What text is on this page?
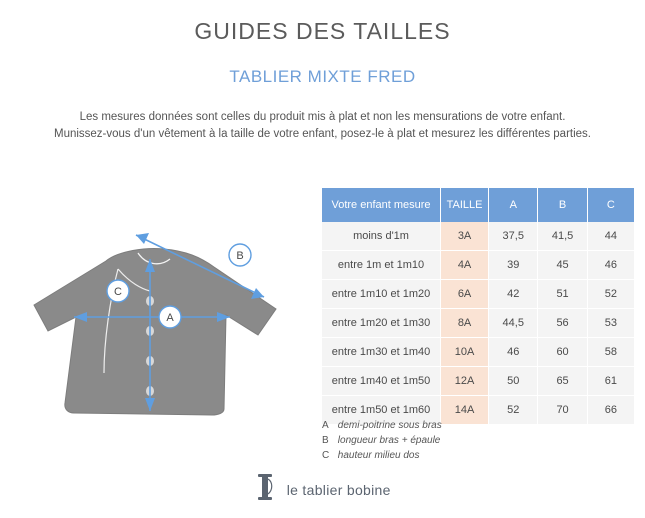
GUIDES DES TAILLES
TABLIER MIXTE FRED
Les mesures données sont celles du produit mis à plat et non les mensurations de votre enfant.
Munissez-vous d'un vêtement à la taille de votre enfant, posez-le à plat et mesurez les différentes parties.
B
C
A
Votre enfant mesure	TAILLE	A	B	C
moins d'1m	3A	37,5	41,5	44
entre 1m et 1m10	4A	39	45	46
entre 1m10 et 1m20	6A	42	51	52
entre 1m20 et 1m30	8A	44,5	56	53
entre 1m30 et 1m40	10A	46	60	58
entre 1m40 et 1m50	12A	50	65	61
entre 1m50 et 1m60	14A	52	70	66
A demi-poitrine sous bras
B longueur bras + épaule
C hauteur milieu dos
le tablier bobine
